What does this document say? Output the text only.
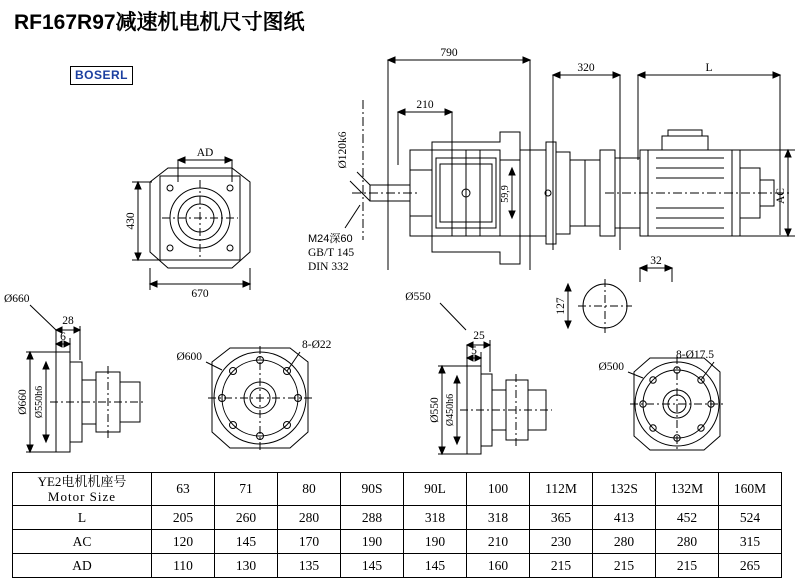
RF167R97减速机电机尺寸图纸
BOSERL
790
320	L
210
AC
59,9
Ø120k6
M24深60
GB/T 145
DIN 332
Ø550
32
127
AD
430
670
Ø660
28
6
Ø660 Ø550h6
Ø600
8-Ø22
25
5
Ø550 Ø450h6
Ø500
8-Ø17.5
YE2电机机座号
Motor Size	63	71	80	90S	90L	100	112M	132S	132M	160M
L	205	260	280	288	318	318	365	413	452	524
AC	120	145	170	190	190	210	230	280	280	315
AD	110	130	135	145	145	160	215	215	215	265
